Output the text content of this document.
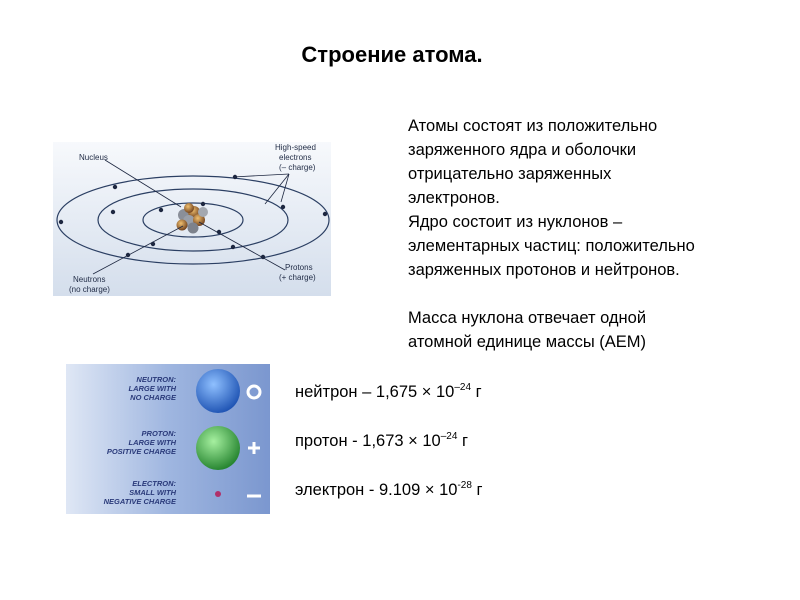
Строение атома.
Nucleus
High-speed
electrons
(– charge)
Neutrons
(no charge)
Protons
(+ charge)

Атомы состоят из положительно

заряженного ядра и оболочки

отрицательно заряженных

электронов.

Ядро состоит из нуклонов –

элементарных частиц: положительно

заряженных протонов и нейтронов.

Масса нуклона отвечает одной

атомной единице массы (АЕМ)

NEUTRON:
LARGE WITH
NO CHARGE
PROTON:
LARGE WITH
POSITIVE CHARGE
ELECTRON:
SMALL WITH
NEGATIVE CHARGE
нейтрон – $1,675 \times 10^{-24}$ г
протон - $1,673 \times 10^{-24}$ г
электрон - $9.109 \times 10^{-28}$ г
